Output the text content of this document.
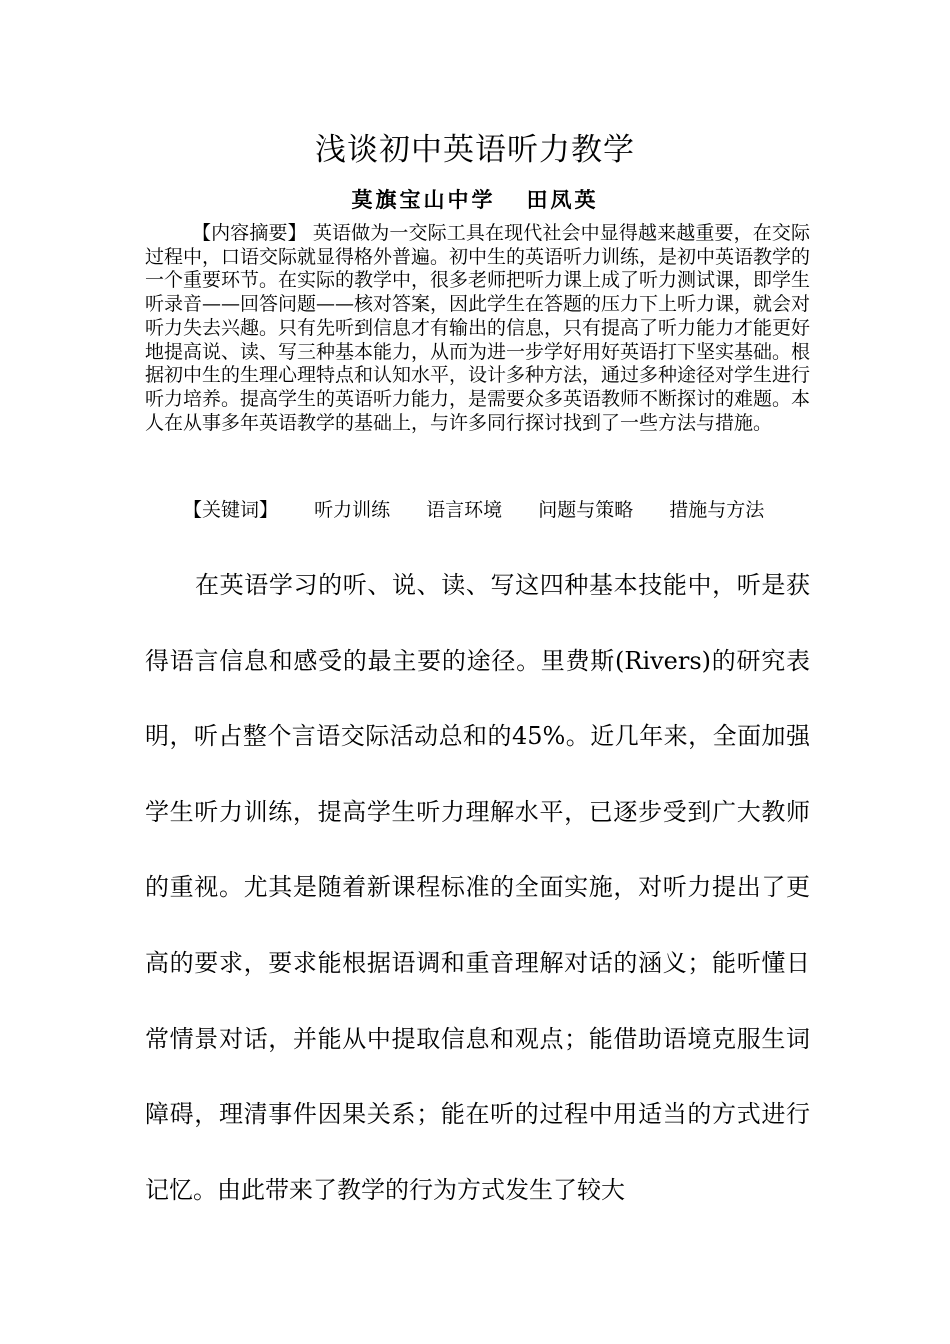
浅谈初中英语听力教学
莫旗宝山中学   田凤英

【内容摘要】 英语做为一交际工具在现代社会中显得越来越重要，在交际过程中，口语交际就显得格外普遍。初中生的英语听力训练，是初中英语教学的一个重要环节。在实际的教学中，很多老师把听力课上成了听力测试课，即学生听录音——回答问题——核对答案，因此学生在答题的压力下上听力课，就会对听力失去兴趣。只有先听到信息才有输出的信息，只有提高了听力能力才能更好地提高说、读、写三种基本能力，从而为进一步学好用好英语打下坚实基础。根据初中生的生理心理特点和认知水平，设计多种方法，通过多种途径对学生进行听力培养。提高学生的英语听力能力，是需要众多英语教师不断探讨的难题。本人在从事多年英语教学的基础上，与许多同行探讨找到了一些方法与措施。

【关键词】 听力训练 语言环境 问题与策略 措施与方法

在英语学习的听、说、读、写这四种基本技能中，听是获得语言信息和感受的最主要的途径。里费斯(Rivers)的研究表明，听占整个言语交际活动总和的45%。近几年来，全面加强学生听力训练，提高学生听力理解水平，已逐步受到广大教师的重视。尤其是随着新课程标准的全面实施，对听力提出了更高的要求，要求能根据语调和重音理解对话的涵义；能听懂日常情景对话，并能从中提取信息和观点；能借助语境克服生词障碍，理清事件因果关系；能在听的过程中用适当的方式进行记忆。由此带来了教学的行为方式发生了较大
